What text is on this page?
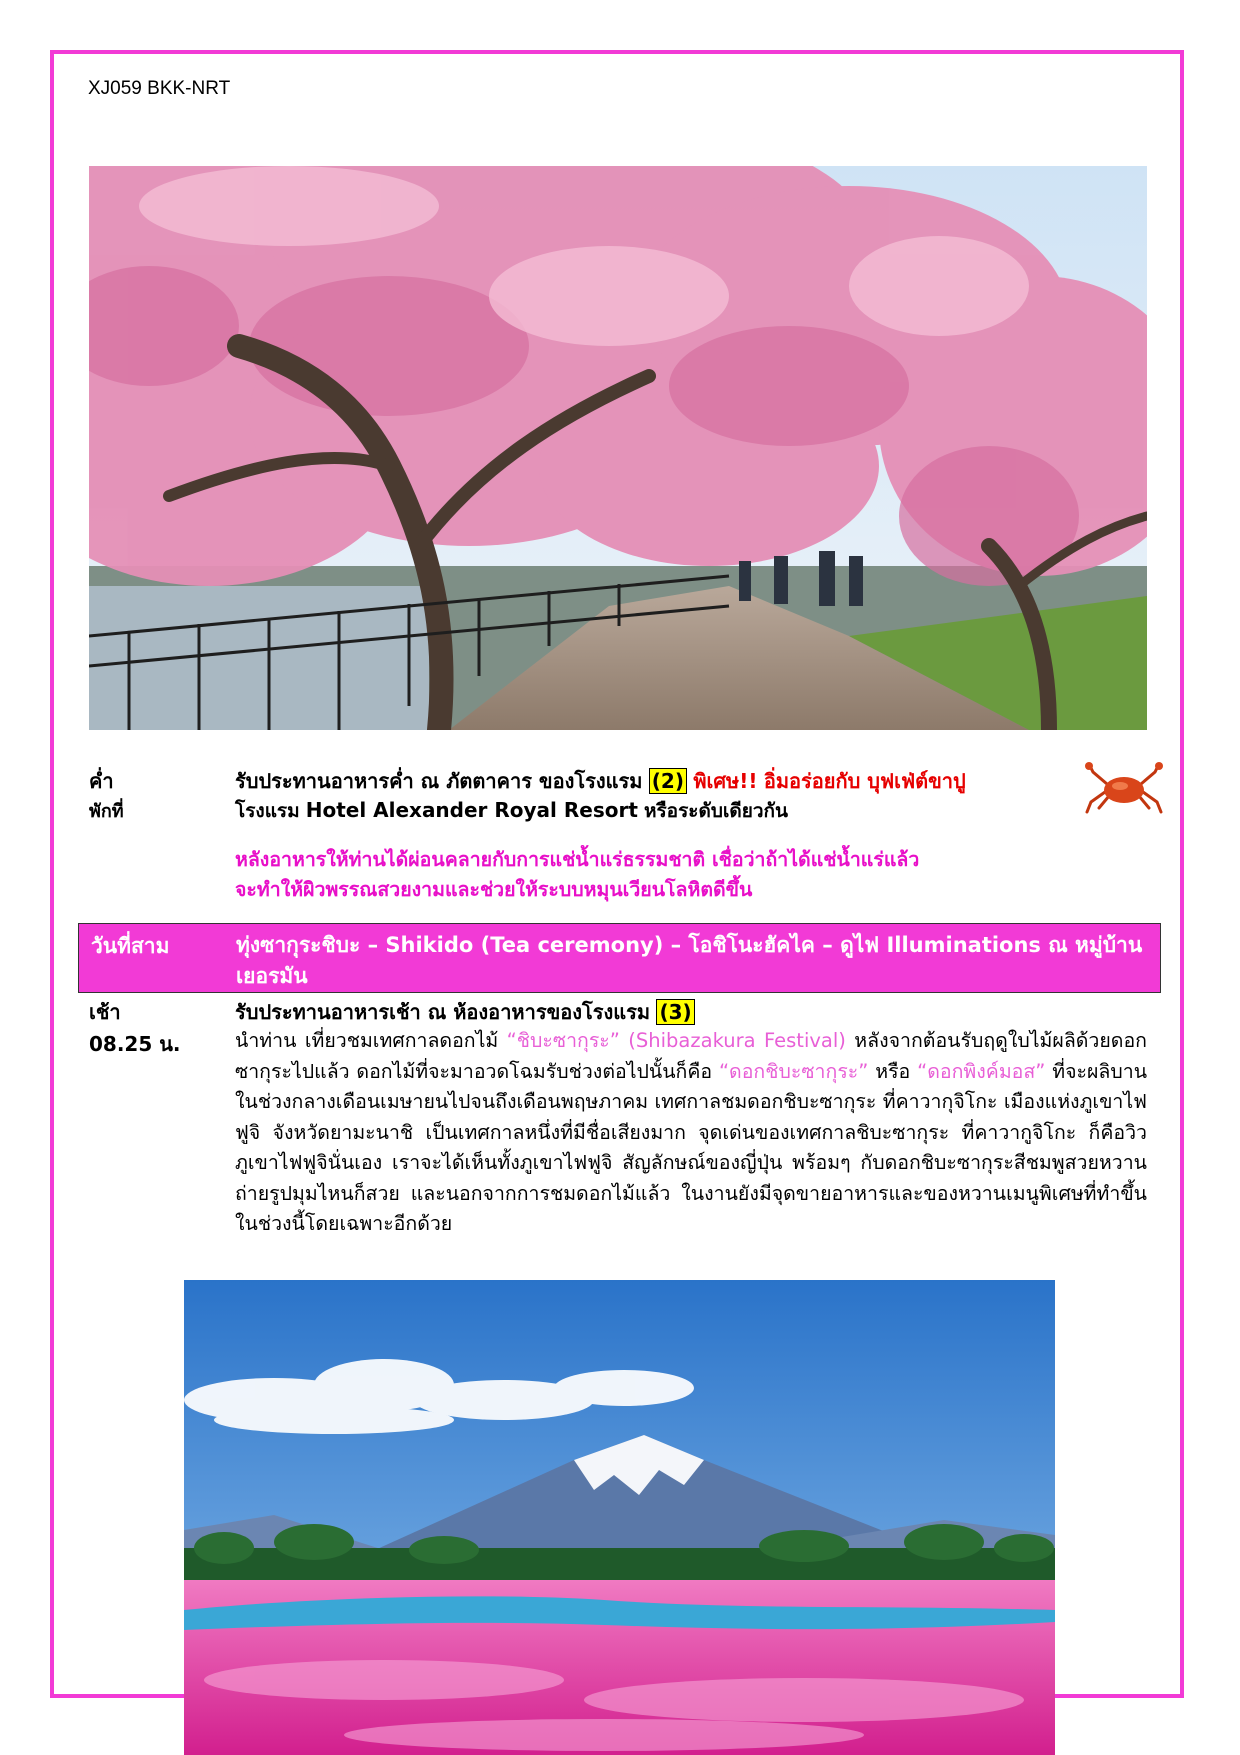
XJ059 BKK-NRT
ค่ำ	รับประทานอาหารค่ำ ณ ภัตตาคาร ของโรงแรม (2) พิเศษ!! อิ่มอร่อยกับ บุฟเฟ่ต์ขาปู
พักที่	โรงแรม Hotel Alexander Royal Resort หรือระดับเดียวกัน
หลังอาหารให้ท่านได้ผ่อนคลายกับการแช่น้ำแร่ธรรมชาติ เชื่อว่าถ้าได้แช่น้ำแร่แล้ว
จะทำให้ผิวพรรณสวยงามและช่วยให้ระบบหมุนเวียนโลหิตดีขึ้น
วันที่สาม	ทุ่งซากุระชิบะ – Shikido (Tea ceremony) – โอชิโนะฮัคไค – ดูไฟ Illuminations ณ หมู่บ้านเยอรมัน
เช้า	รับประทานอาหารเช้า ณ ห้องอาหารของโรงแรม (3)
08.25 น.	นำท่าน เที่ยวชมเทศกาลดอกไม้ “ชิบะซากุระ” (Shibazakura Festival) หลังจากต้อนรับฤดูใบไม้ผลิด้วยดอกซากุระไปแล้ว ดอกไม้ที่จะมาอวดโฉมรับช่วงต่อไปนั้นก็คือ “ดอกชิบะซากุระ” หรือ “ดอกพิงค์มอส” ที่จะผลิบานในช่วงกลางเดือนเมษายนไปจนถึงเดือนพฤษภาคม เทศกาลชมดอกชิบะซากุระ ที่คาวากุจิโกะ เมืองแห่งภูเขาไฟฟูจิ จังหวัดยามะนาชิ เป็นเทศกาลหนึ่งที่มีชื่อเสียงมาก จุดเด่นของเทศกาลชิบะซากุระ ที่คาวากูจิโกะ ก็คือวิวภูเขาไฟฟูจินั่นเอง เราจะได้เห็นทั้งภูเขาไฟฟูจิ สัญลักษณ์ของญี่ปุ่น พร้อมๆ กับดอกชิบะซากุระสีชมพูสวยหวาน ถ่ายรูปมุมไหนก็สวย และนอกจากการชมดอกไม้แล้ว ในงานยังมีจุดขายอาหารและของหวานเมนูพิเศษที่ทำขึ้นในช่วงนี้โดยเฉพาะอีกด้วย
